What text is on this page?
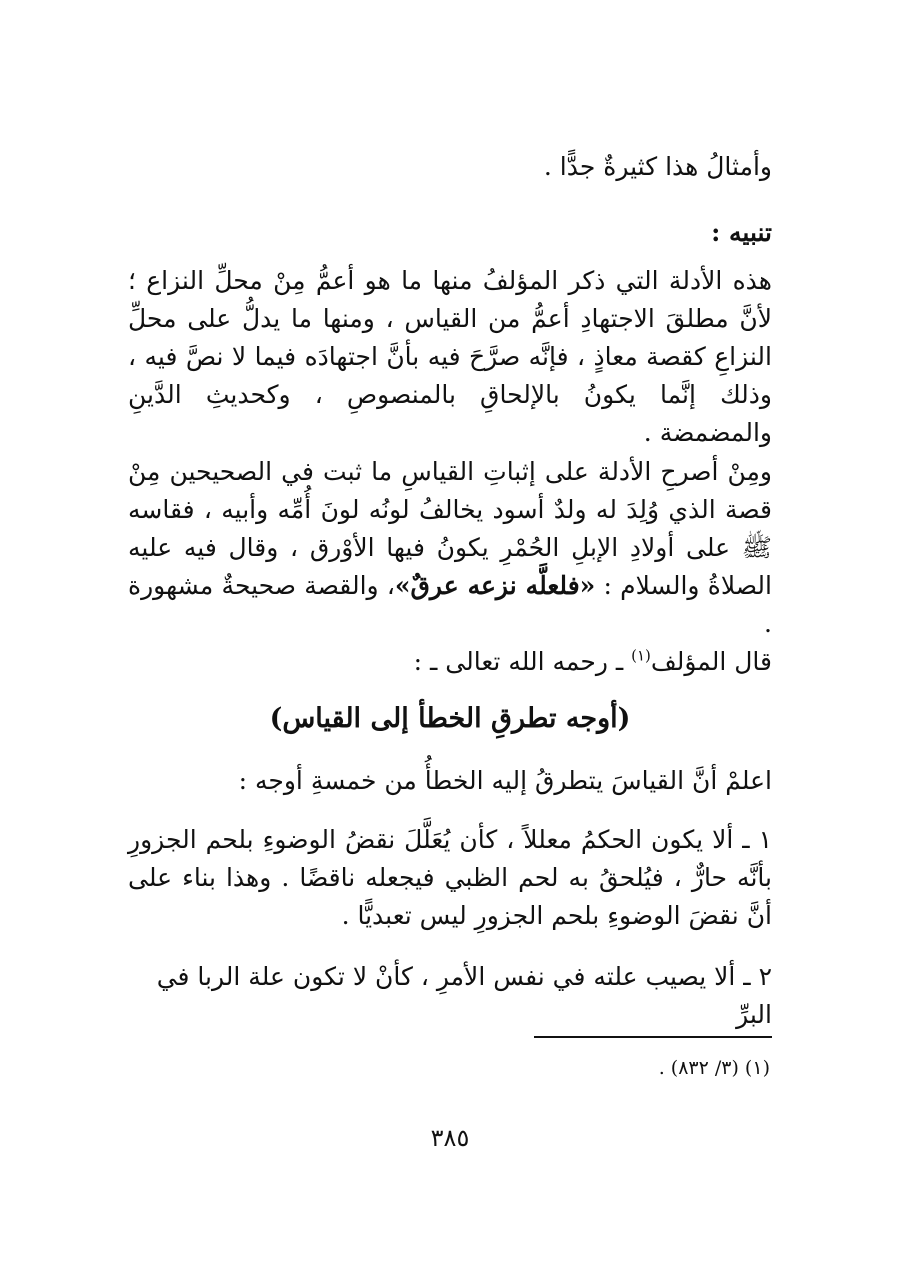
وأمثالُ هذا كثيرةٌ جدًّا .
تنبيه :
هذه الأدلة التي ذكر المؤلفُ منها ما هو أعمُّ مِنْ محلِّ النزاع ؛ لأنَّ مطلقَ الاجتهادِ أعمُّ من القياس ، ومنها ما يدلُّ على محلِّ النزاعِ كقصة معاذٍ ، فإنَّه صرَّحَ فيه بأنَّ اجتهادَه فيما لا نصَّ فيه ، وذلك إنَّما يكونُ بالإلحاقِ بالمنصوصِ ، وكحديثِ الدَّينِ والمضمضة .
ومِنْ أصرحِ الأدلة على إثباتِ القياسِ ما ثبت في الصحيحين مِنْ قصة الذي وُلِدَ له ولدٌ أسود يخالفُ لونُه لونَ أُمِّه وأبيه ، فقاسه ﷺ على أولادِ الإبلِ الحُمْرِ يكونُ فيها الأوْرق ، وقال فيه عليه الصلاةُ والسلام : «فلعلَّه نزعه عرقٌ»، والقصة صحيحةٌ مشهورة .
قال المؤلف$^{(١)}$ ـ رحمه الله تعالى ـ :
(أوجه تطرقِ الخطأ إلى القياس)
اعلمْ أنَّ القياسَ يتطرقُ إليه الخطأُ من خمسةِ أوجه :
١ ـ ألا يكون الحكمُ معللاً ، كأن يُعَلَّلَ نقضُ الوضوءِ بلحم الجزورِ بأنَّه حارٌّ ، فيُلحقُ به لحم الظبي فيجعله ناقضًا . وهذا بناء على أنَّ نقضَ الوضوءِ بلحم الجزورِ ليس تعبديًّا .
٢ ـ ألا يصيب علته في نفس الأمرِ ، كأنْ لا تكون علة الربا في البرِّ
(١) (٣/ ٨٣٢) .
٣٨٥
